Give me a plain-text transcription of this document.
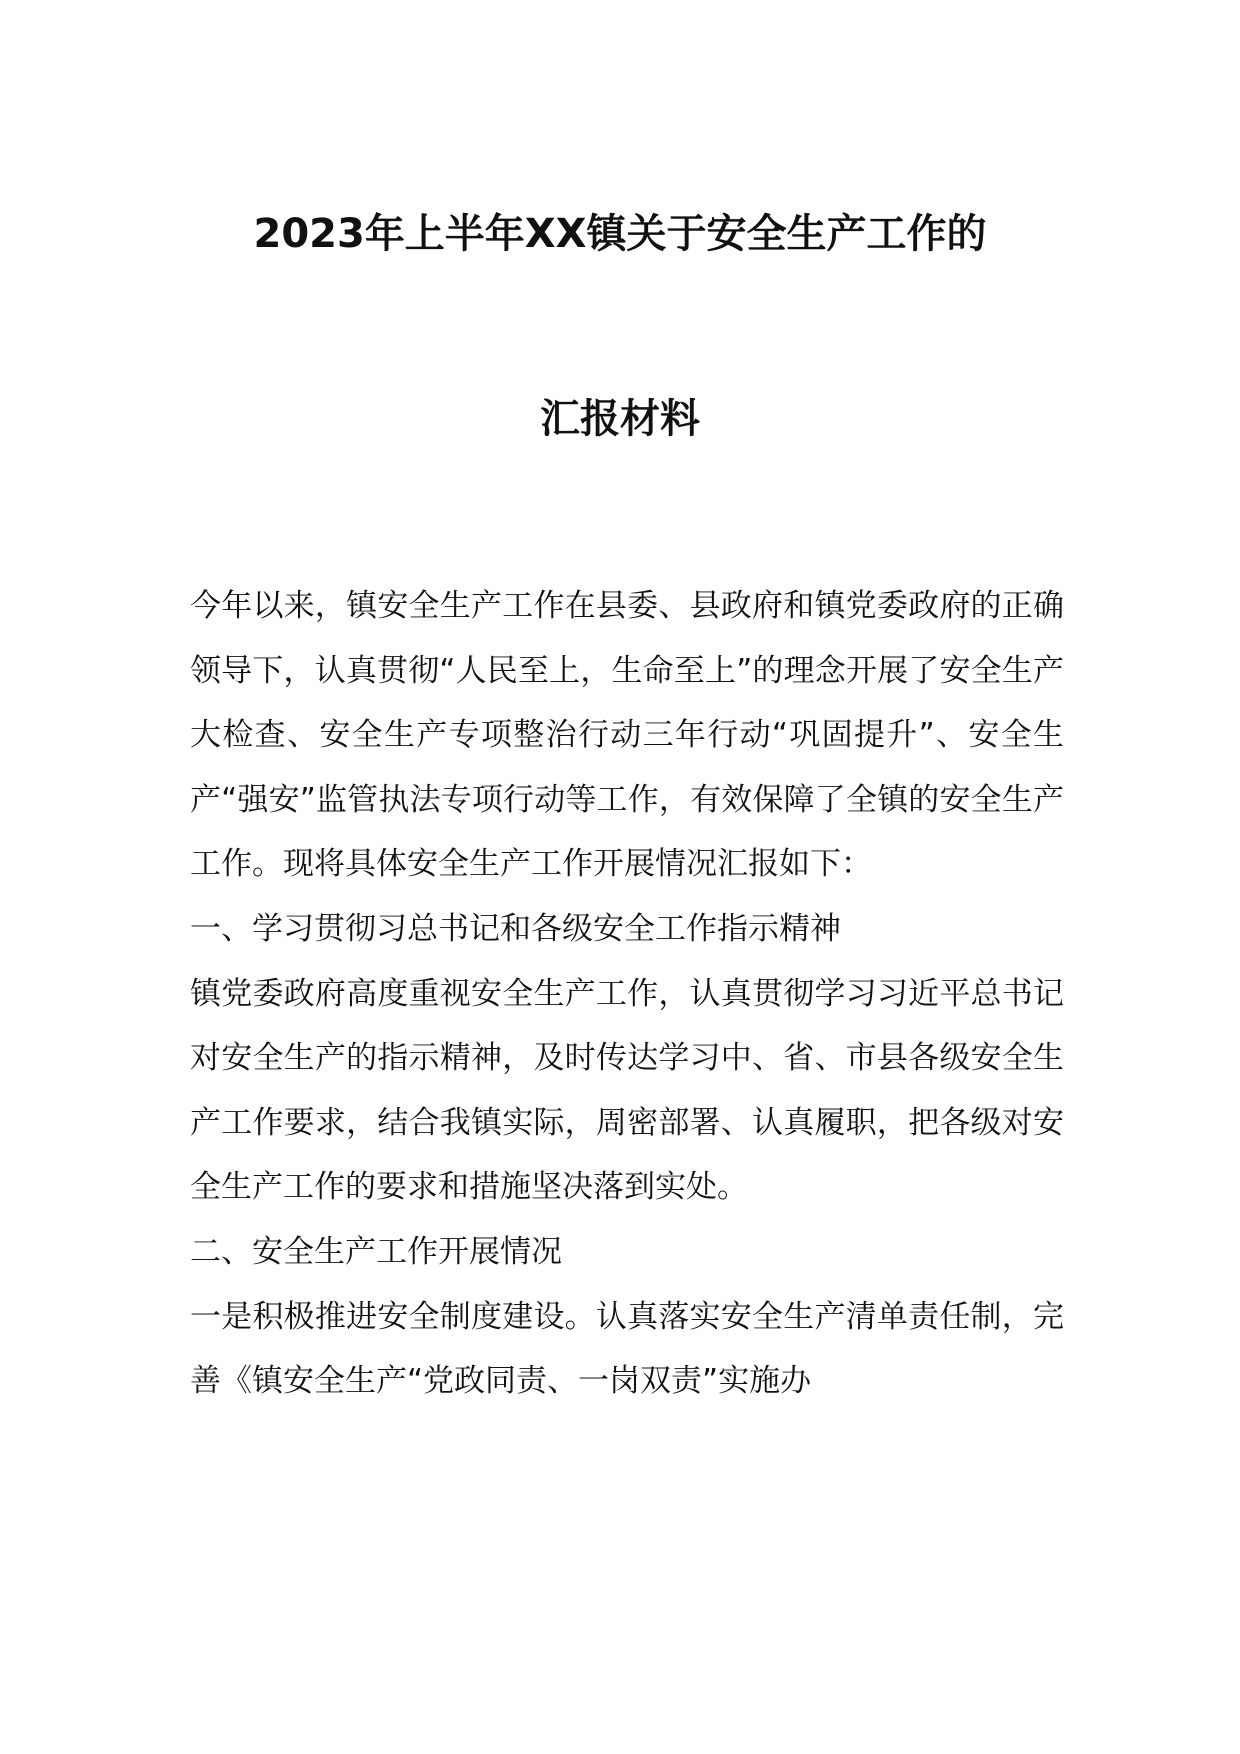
2023年上半年XX镇关于安全生产工作的
汇报材料

今年以来，镇安全生产工作在县委、县政府和镇党委政府的正确领导下，认真贯彻“人民至上，生命至上”的理念开展了安全生产大检查、安全生产专项整治行动三年行动“巩固提升”、安全生产“强安”监管执法专项行动等工作，有效保障了全镇的安全生产工作。现将具体安全生产工作开展情况汇报如下：

一、学习贯彻习总书记和各级安全工作指示精神

镇党委政府高度重视安全生产工作，认真贯彻学习习近平总书记对安全生产的指示精神，及时传达学习中、省、市县各级安全生产工作要求，结合我镇实际，周密部署、认真履职，把各级对安全生产工作的要求和措施坚决落到实处。

二、安全生产工作开展情况

一是积极推进安全制度建设。认真落实安全生产清单责任制，完善《镇安全生产“党政同责、一岗双责”实施办
